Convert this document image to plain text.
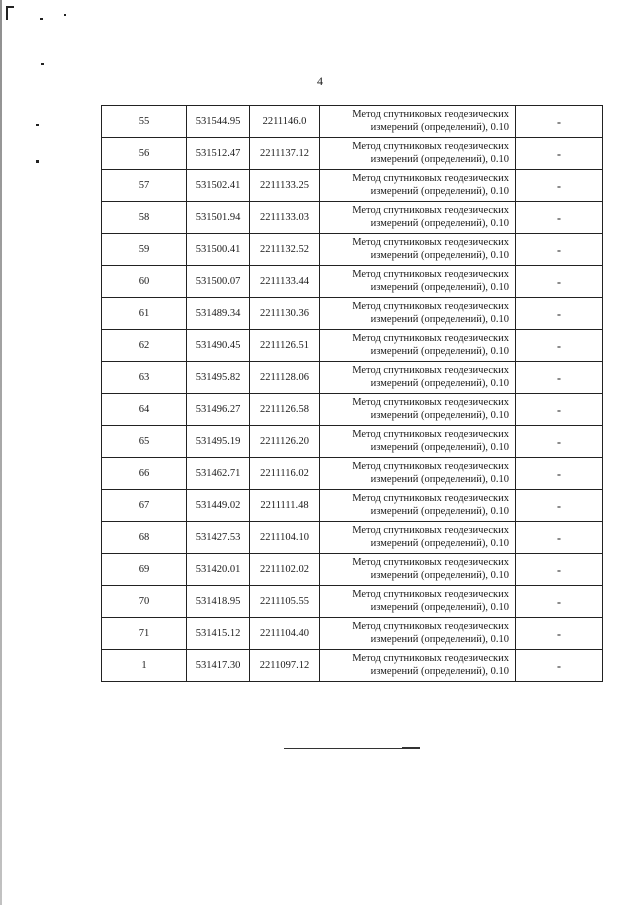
4
55	531544.95	2211146.0	Метод спутниковых геодезических
измерений (определений), 0.10	-
56	531512.47	2211137.12	Метод спутниковых геодезических
измерений (определений), 0.10	-
57	531502.41	2211133.25	Метод спутниковых геодезических
измерений (определений), 0.10	-
58	531501.94	2211133.03	Метод спутниковых геодезических
измерений (определений), 0.10	-
59	531500.41	2211132.52	Метод спутниковых геодезических
измерений (определений), 0.10	-
60	531500.07	2211133.44	Метод спутниковых геодезических
измерений (определений), 0.10	-
61	531489.34	2211130.36	Метод спутниковых геодезических
измерений (определений), 0.10	-
62	531490.45	2211126.51	Метод спутниковых геодезических
измерений (определений), 0.10	-
63	531495.82	2211128.06	Метод спутниковых геодезических
измерений (определений), 0.10	-
64	531496.27	2211126.58	Метод спутниковых геодезических
измерений (определений), 0.10	-
65	531495.19	2211126.20	Метод спутниковых геодезических
измерений (определений), 0.10	-
66	531462.71	2211116.02	Метод спутниковых геодезических
измерений (определений), 0.10	-
67	531449.02	2211111.48	Метод спутниковых геодезических
измерений (определений), 0.10	-
68	531427.53	2211104.10	Метод спутниковых геодезических
измерений (определений), 0.10	-
69	531420.01	2211102.02	Метод спутниковых геодезических
измерений (определений), 0.10	-
70	531418.95	2211105.55	Метод спутниковых геодезических
измерений (определений), 0.10	-
71	531415.12	2211104.40	Метод спутниковых геодезических
измерений (определений), 0.10	-
1	531417.30	2211097.12	Метод спутниковых геодезических
измерений (определений), 0.10	-
